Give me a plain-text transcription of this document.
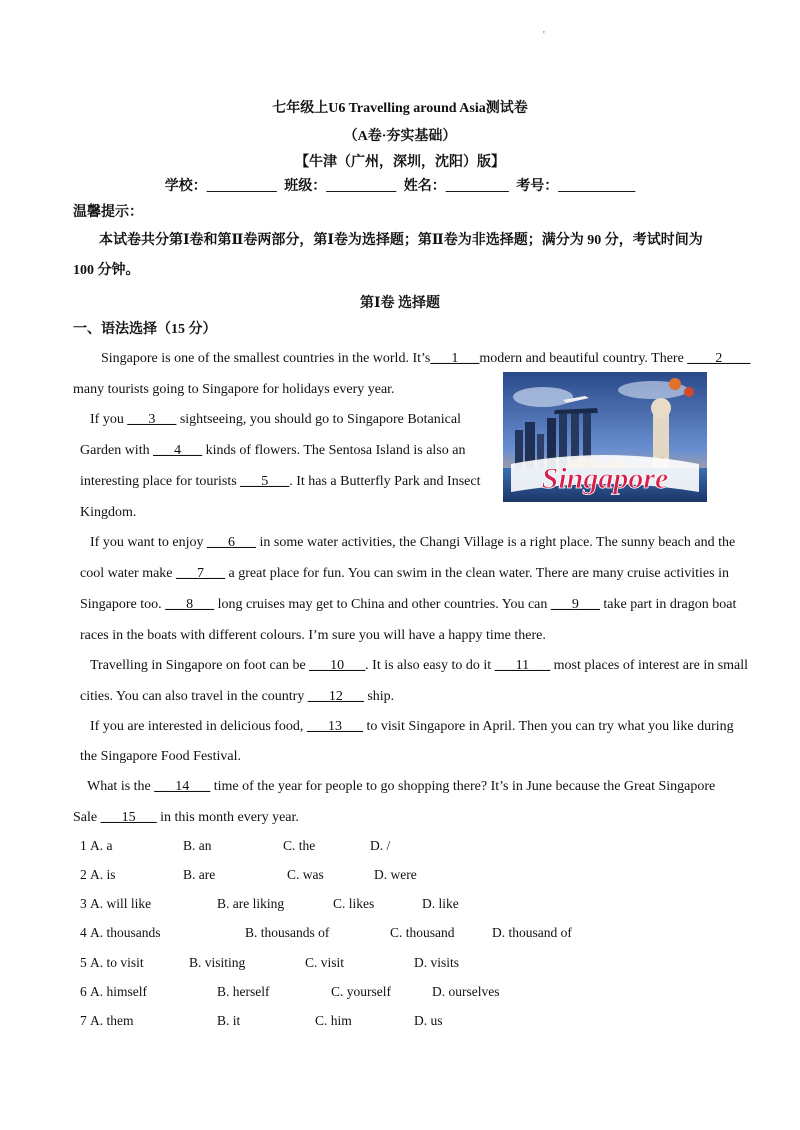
七年级上U6 Travelling around Asia测试卷
（A卷·夯实基础）
【牛津（广州，深圳，沈阳）版】
学校：__________ 班级：__________ 姓名：_________ 考号：___________
温馨提示：
本试卷共分第Ⅰ卷和第Ⅱ卷两部分，第Ⅰ卷为选择题；第Ⅱ卷为非选择题；满分为 90 分，考试时间为
100 分钟。
第Ⅰ卷 选择题
一、语法选择（15 分）
Singapore is one of the smallest countries in the world. It’s___1___modern and beautiful country. There ____2____
many tourists going to Singapore for holidays every year.
If you ___3___ sightseeing, you should go to Singapore Botanical
Garden with ___4___ kinds of flowers. The Sentosa Island is also an
interesting place for tourists ___5___. It has a Butterfly Park and Insect
Kingdom.
Singapore
If you want to enjoy ___6___ in some water activities, the Changi Village is a right place. The sunny beach and the
cool water make ___7___ a great place for fun. You can swim in the clean water. There are many cruise activities in
Singapore too. ___8___ long cruises may get to China and other countries. You can ___9___ take part in dragon boat
races in the boats with different colours. I’m sure you will have a happy time there.
Travelling in Singapore on foot can be ___10___. It is also easy to do it ___11___ most places of interest are in small
cities. You can also travel in the country ___12___ ship.
If you are interested in delicious food, ___13___ to visit Singapore in April. Then you can try what you like during
the Singapore Food Festival.
What is the ___14___ time of the year for people to go shopping there? It’s in June because the Great Singapore
Sale ___15___ in this month every year.
1 A. a	B. an	C. the	D. /
2 A. is	B. are	C. was	D. were
3 A. will like	B. are liking	C. likes	D. like
4 A. thousands	B. thousands of	C. thousand	D. thousand of
5 A. to visit	B. visiting	C. visit	D. visits
6 A. himself	B. herself	C. yourself	D. ourselves
7 A. them	B. it	C. him	D. us
'
